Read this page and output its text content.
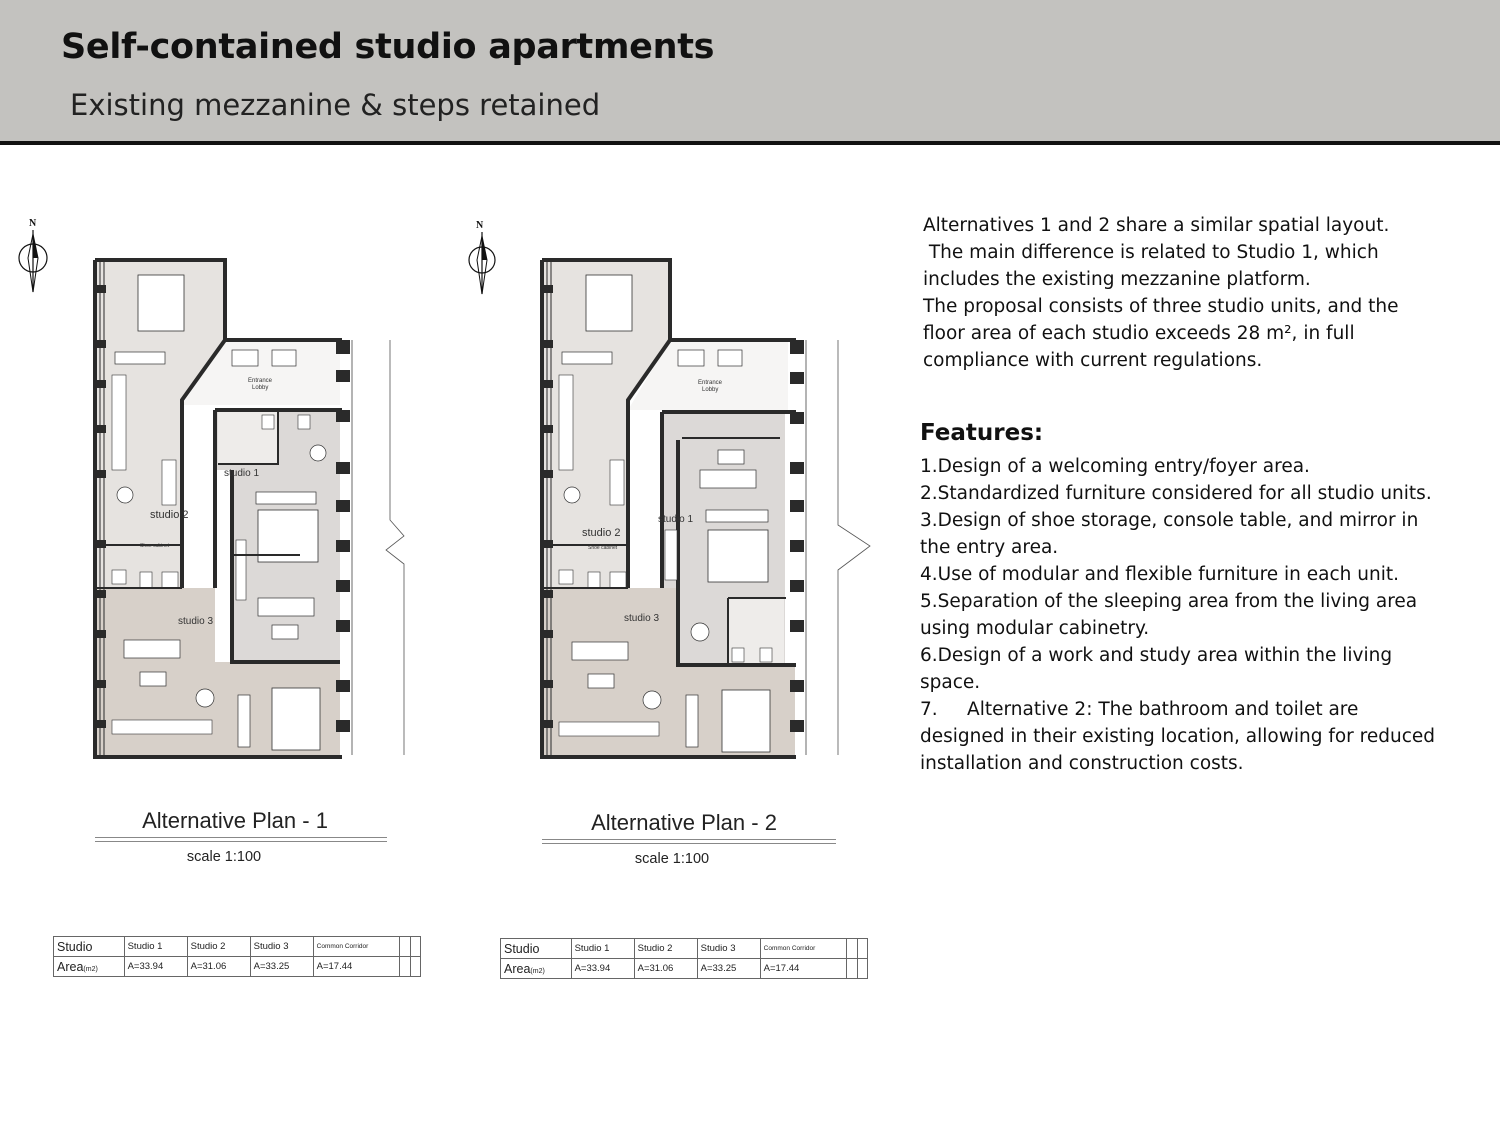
Self-contained studio apartments
Existing mezzanine & steps retained
N
Entrance
Lobby
studio 1
studio 2
studio 3
Shoe cabinet
Alternative Plan - 1
scale 1:100
Studio	Studio 1	Studio 2	Studio 3	Common Corridor		
Area(m2)	A=33.94	A=31.06	A=33.25	A=17.44		
N
Entrance
Lobby
studio 1
studio 2
studio 3
Shoe cabinet
Alternative Plan - 2
scale 1:100
Studio	Studio 1	Studio 2	Studio 3	Common Corridor		
Area(m2)	A=33.94	A=31.06	A=33.25	A=17.44		

Alternatives 1 and 2 share a similar spatial layout.

The main difference is related to Studio 1, which

includes the existing mezzanine platform.

The proposal consists of three studio units, and the

floor area of each studio exceeds 28 m², in full

compliance with current regulations.

Features:
1.Design of a welcoming entry/foyer area.
2.Standardized furniture considered for all studio units.
3.Design of shoe storage, console table, and mirror in the entry area.
4.Use of modular and flexible furniture in each unit.
5.Separation of the sleeping area from the living area using modular cabinetry.
6.Design of a work and study area within the living space.
7.     Alternative 2: The bathroom and toilet are designed in their existing location, allowing for reduced installation and construction costs.
